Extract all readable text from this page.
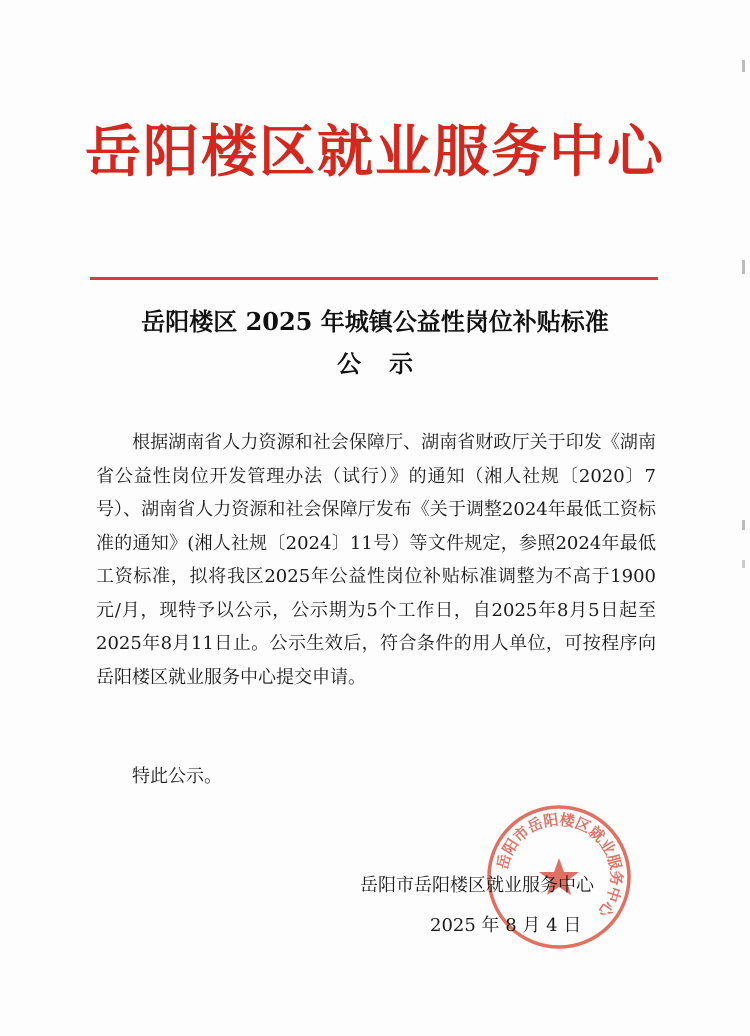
岳阳楼区就业服务中心
岳阳楼区 2025 年城镇公益性岗位补贴标准
公示

根据湖南省人力资源和社会保障厅、湖南省财政厅关于印发《湖南省公益性岗位开发管理办法（试行）》的通知（湘人社规〔2020〕7号）、湖南省人力资源和社会保障厅发布《关于调整2024年最低工资标准的通知》(湘人社规〔2024〕11号）等文件规定，参照2024年最低工资标准，拟将我区2025年公益性岗位补贴标准调整为不高于1900元/月，现特予以公示，公示期为5个工作日，自2025年8月5日起至2025年8月11日止。公示生效后，符合条件的用人单位，可按程序向岳阳楼区就业服务中心提交申请。

特此公示。
岳阳市岳阳楼区就业服务中心
岳阳市岳阳楼区就业服务中心
2025 年 8 月 4 日
